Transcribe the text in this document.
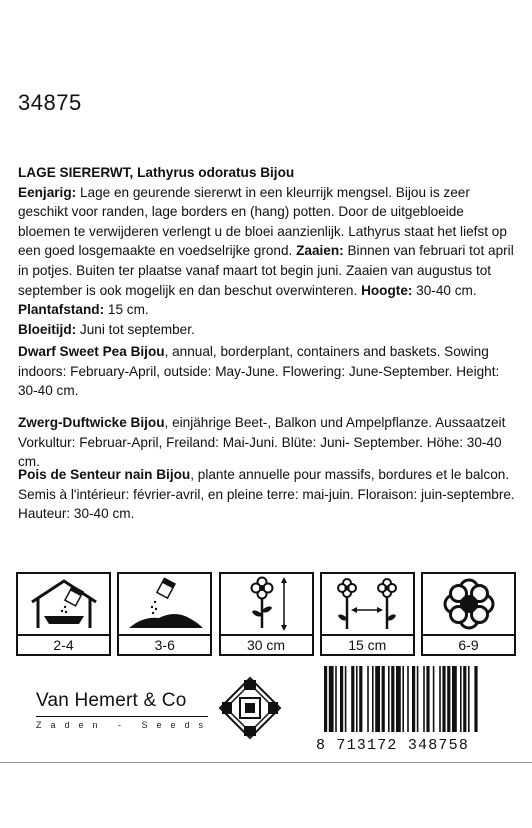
34875

LAGE SIERERWT, Lathyrus odoratus Bijou
Eenjarig: Lage en geurende siererwt in een kleurrijk mengsel. Bijou is zeer geschikt voor randen, lage borders en (hang) potten. Door de uitgebloeide bloemen te verwijderen verlengt u de bloei aanzienlijk. Lathyrus staat het liefst op een goed losgemaakte en voedselrijke grond. Zaaien: Binnen van februari tot april in potjes. Buiten ter plaatse vanaf maart tot begin juni. Zaaien van augustus tot september is ook mogelijk en dan beschut overwinteren. Hoogte: 30-40 cm. Plantafstand: 15 cm.
Bloeitijd: Juni tot september.

Dwarf Sweet Pea Bijou, annual, borderplant, containers and baskets. Sowing indoors: February-April, outside: May-June. Flowering: June-September. Height: 30-40 cm.

Zwerg-Duftwicke Bijou, einjährige Beet-, Balkon und Ampelpflanze. Aussaatzeit Vorkultur: Februar-April, Freiland: Mai-Juni. Blüte: Juni- September. Höhe: 30-40 cm.

Pois de Senteur nain Bijou, plante annuelle pour massifs, bordures et le balcon. Semis à l'intérieur: février-avril, en pleine terre: mai-juin. Floraison: juin-septembre. Hauteur: 30-40 cm.

2-4	3-6	30 cm	15 cm	6-9
Van Hemert & Co
Zaden - Seeds
8 713172 348758
